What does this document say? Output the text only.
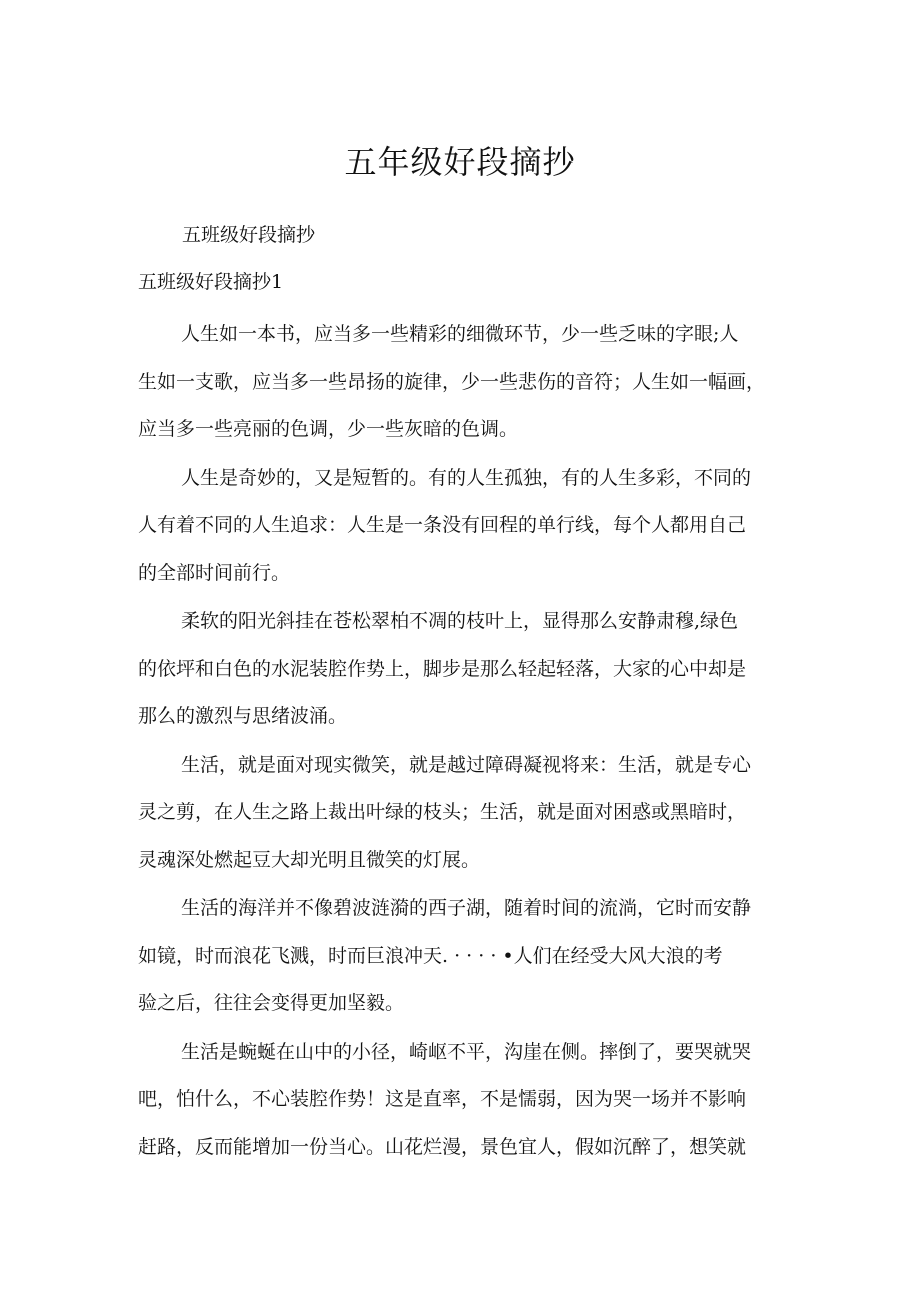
五年级好段摘抄
五班级好段摘抄
五班级好段摘抄1
人生如一本书，应当多一些精彩的细微环节，少一些乏味的字眼;人
生如一支歌，应当多一些昂扬的旋律，少一些悲伤的音符；人生如一幅画，
应当多一些亮丽的色调，少一些灰暗的色调。
人生是奇妙的，又是短暂的。有的人生孤独，有的人生多彩，不同的
人有着不同的人生追求：人生是一条没有回程的单行线，每个人都用自己
的全部时间前行。
柔软的阳光斜挂在苍松翠柏不凋的枝叶上，显得那么安静肃穆,绿色
的依坪和白色的水泥装腔作势上，脚步是那么轻起轻落，大家的心中却是
那么的激烈与思绪波涌。
生活，就是面对现实微笑，就是越过障碍凝视将来：生活，就是专心
灵之剪，在人生之路上裁出叶绿的枝头；生活，就是面对困惑或黑暗时，
灵魂深处燃起豆大却光明且微笑的灯展。
生活的海洋并不像碧波涟漪的西子湖，随着时间的流淌，它时而安静
如镜，时而浪花飞溅，时而巨浪冲天. · · · · •人们在经受大风大浪的考
验之后，往往会变得更加坚毅。
生活是蜿蜒在山中的小径，崎岖不平，沟崖在侧。摔倒了，要哭就哭
吧，怕什么，不心装腔作势！这是直率，不是懦弱，因为哭一场并不影响
赶路，反而能增加一份当心。山花烂漫，景色宜人，假如沉醉了，想笑就
